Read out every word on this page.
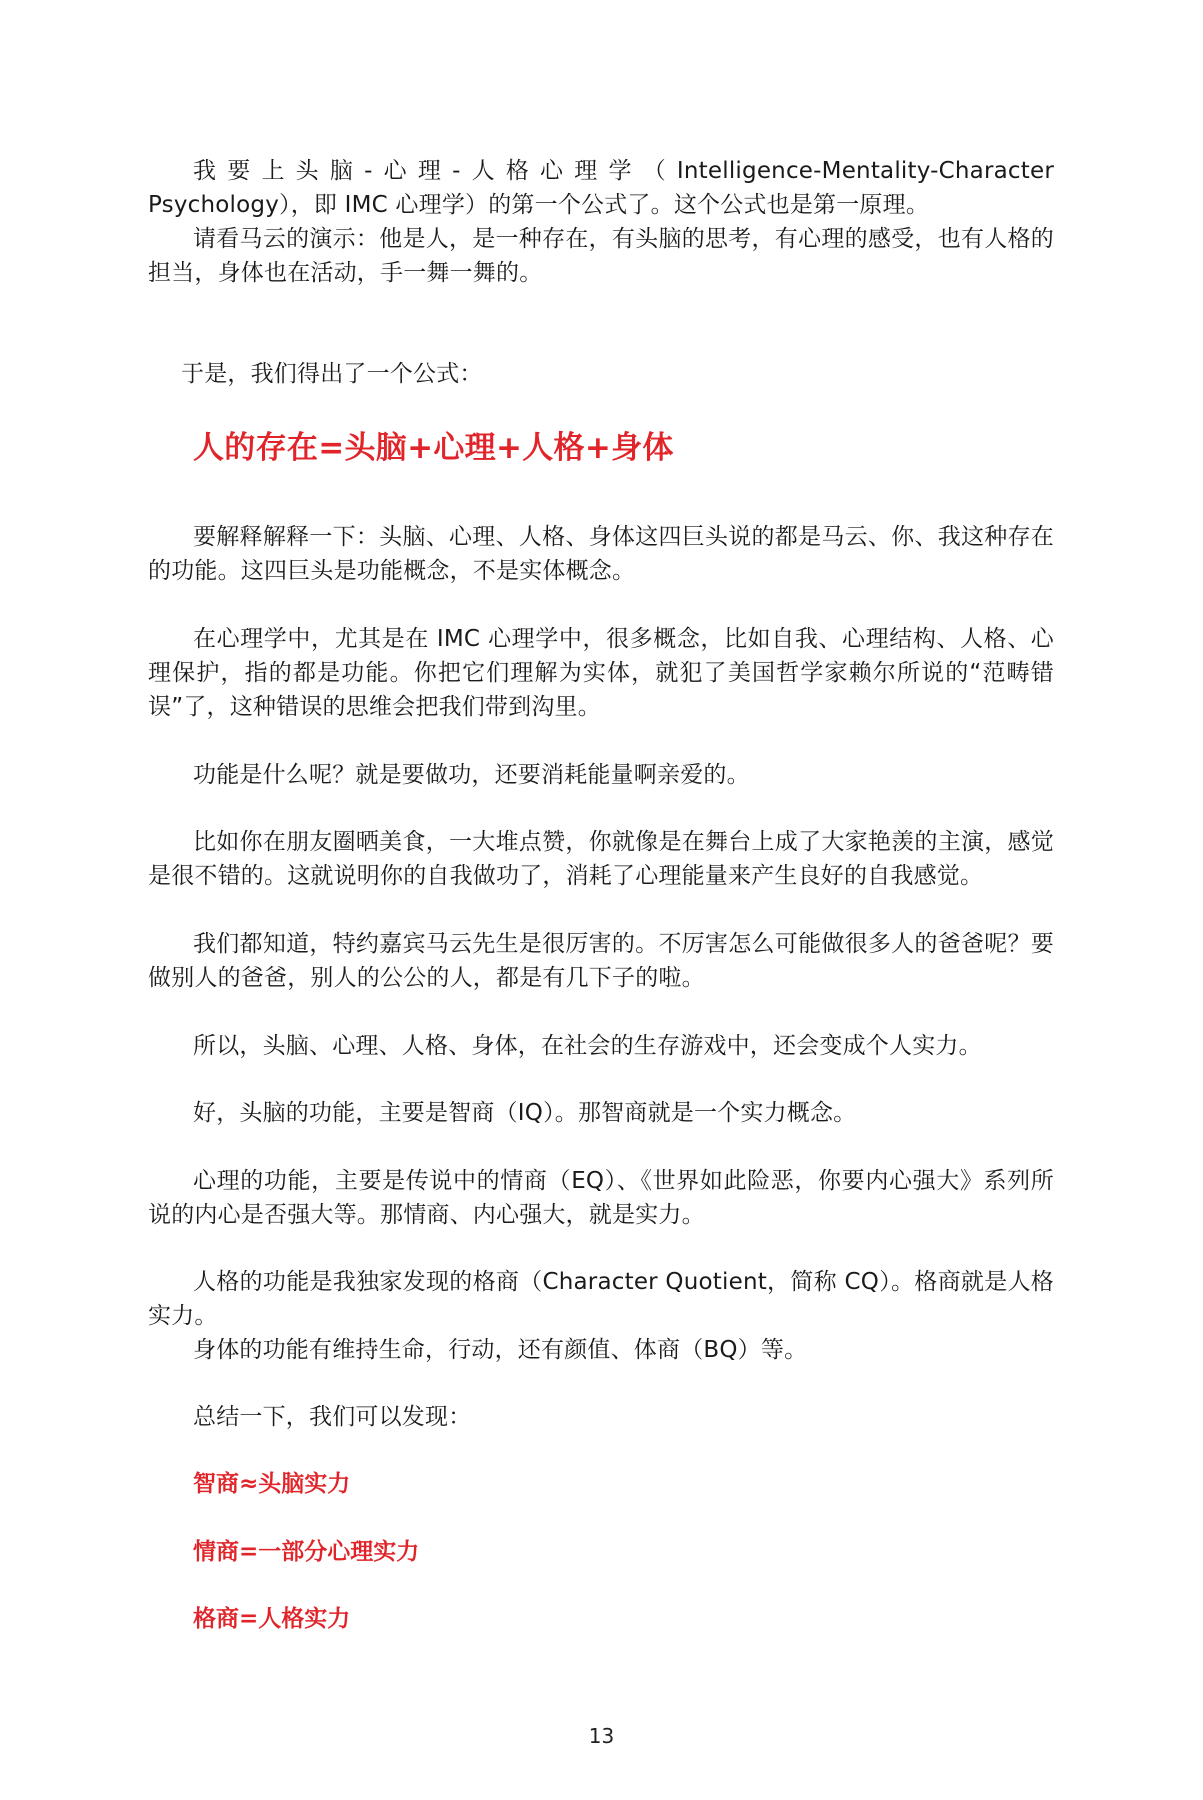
我要上头脑-心理-人格心理学（Intelligence-Mentality-Character Psychology），即 IMC 心理学）的第一个公式了。这个公式也是第一原理。

请看马云的演示：他是人，是一种存在，有头脑的思考，有心理的感受，也有人格的担当，身体也在活动，手一舞一舞的。

于是，我们得出了一个公式：

人的存在=头脑+心理+人格+身体

要解释解释一下：头脑、心理、人格、身体这四巨头说的都是马云、你、我这种存在的功能。这四巨头是功能概念，不是实体概念。

在心理学中，尤其是在 IMC 心理学中，很多概念，比如自我、心理结构、人格、心理保护，指的都是功能。你把它们理解为实体，就犯了美国哲学家赖尔所说的“范畴错误”了，这种错误的思维会把我们带到沟里。

功能是什么呢？就是要做功，还要消耗能量啊亲爱的。

比如你在朋友圈晒美食，一大堆点赞，你就像是在舞台上成了大家艳羡的主演，感觉是很不错的。这就说明你的自我做功了，消耗了心理能量来产生良好的自我感觉。

我们都知道，特约嘉宾马云先生是很厉害的。不厉害怎么可能做很多人的爸爸呢？要做别人的爸爸，别人的公公的人，都是有几下子的啦。

所以，头脑、心理、人格、身体，在社会的生存游戏中，还会变成个人实力。

好，头脑的功能，主要是智商（IQ）。那智商就是一个实力概念。

心理的功能，主要是传说中的情商（EQ）、《世界如此险恶，你要内心强大》系列所说的内心是否强大等。那情商、内心强大，就是实力。

人格的功能是我独家发现的格商（Character Quotient，简称 CQ）。格商就是人格实力。

身体的功能有维持生命，行动，还有颜值、体商（BQ）等。

总结一下，我们可以发现：

智商≈头脑实力

情商=一部分心理实力

格商=人格实力

13
